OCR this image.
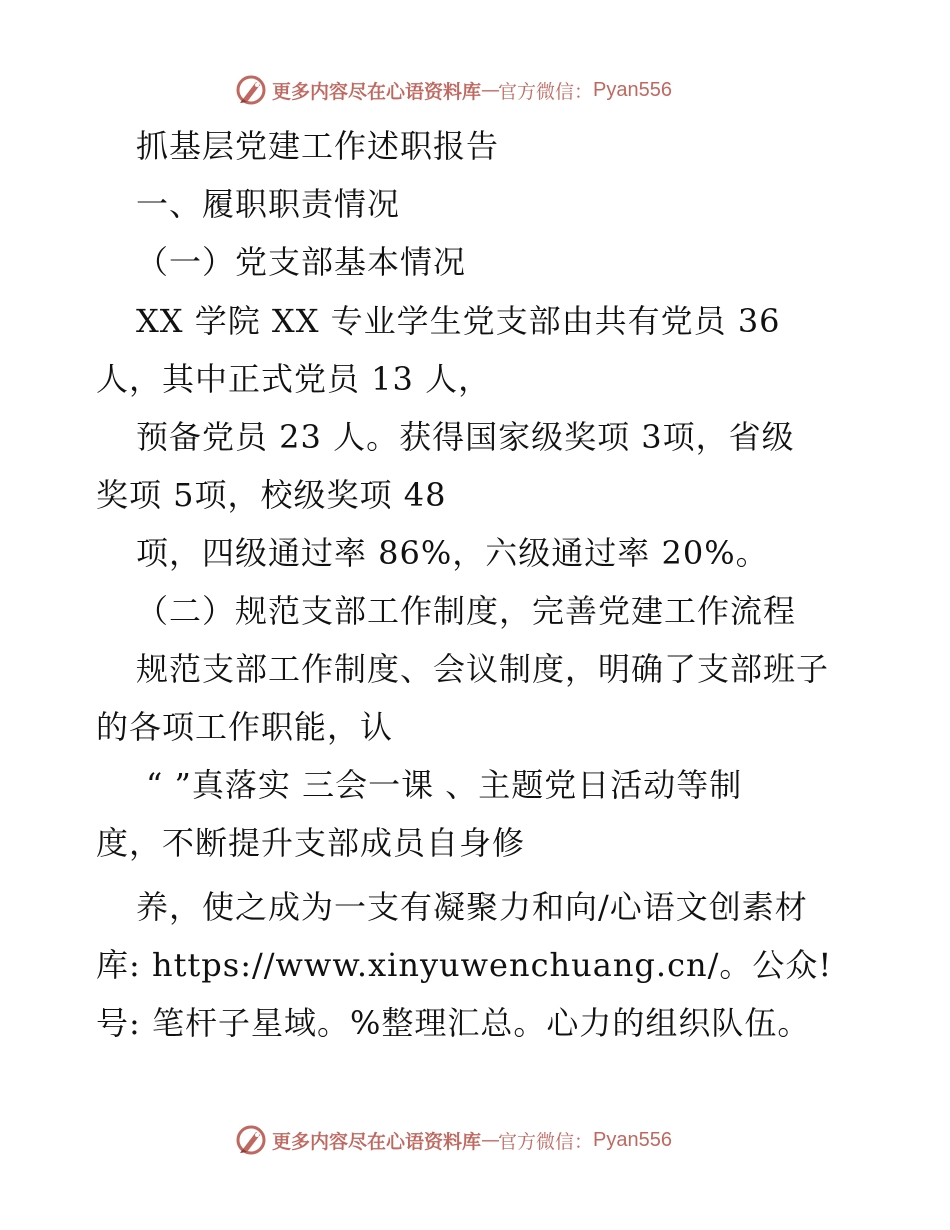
更多内容尽在心语资料库 — 官方微信： Pyan556
抓基层党建工作述职报告
一、履职职责情况
（一）党支部基本情况
XX 学院 XX 专业学生党支部由共有党员 36
人，其中正式党员 13 人，
预备党员 23 人。获得国家级奖项 3项，省级
奖项 5项，校级奖项 48
项，四级通过率 86%，六级通过率 20%。
（二）规范支部工作制度，完善党建工作流程
规范支部工作制度、会议制度，明确了支部班子
的各项工作职能，认
“ ”真落实 三会一课 、主题党日活动等制
度，不断提升支部成员自身修
养，使之成为一支有凝聚力和向/心语文创素材
库: https://www.xinyuwenchuang.cn/。公众!
号: 笔杆子星域。%整理汇总。心力的组织队伍。
更多内容尽在心语资料库 — 官方微信： Pyan556
